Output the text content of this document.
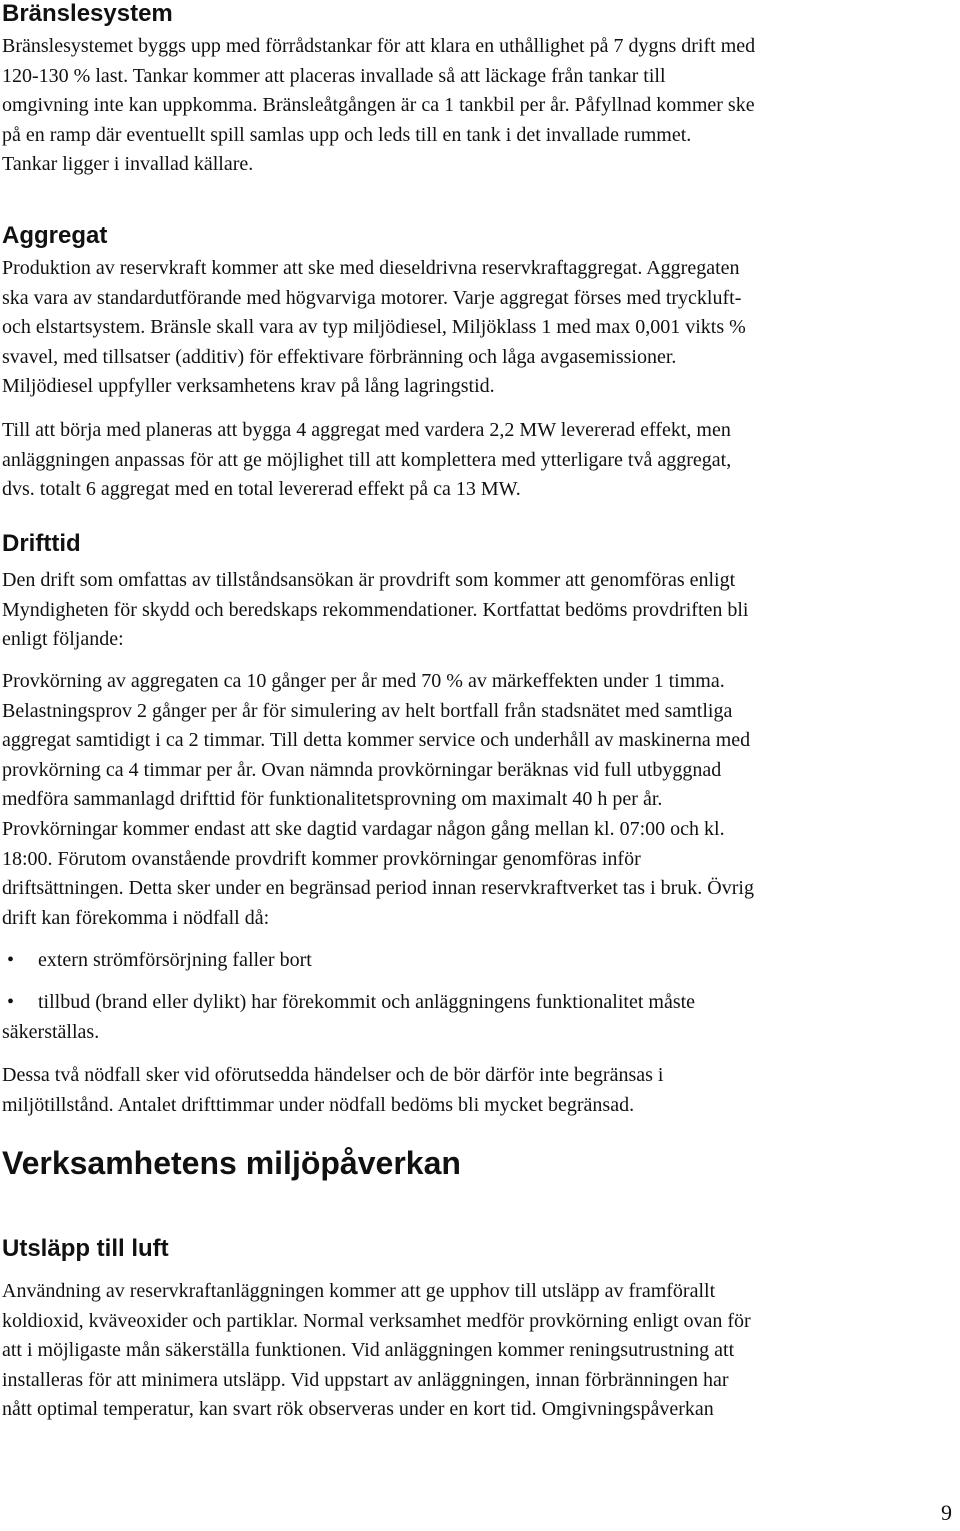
Bränslesystem
Bränslesystemet byggs upp med förrådstankar för att klara en uthållighet på 7 dygns drift med
120-130 % last. Tankar kommer att placeras invallade så att läckage från tankar till
omgivning inte kan uppkomma. Bränsleåtgången är ca 1 tankbil per år. Påfyllnad kommer ske
på en ramp där eventuellt spill samlas upp och leds till en tank i det invallade rummet.
Tankar ligger i invallad källare.
Aggregat
Produktion av reservkraft kommer att ske med dieseldrivna reservkraftaggregat. Aggregaten
ska vara av standardutförande med högvarviga motorer. Varje aggregat förses med tryckluft-
och elstartsystem. Bränsle skall vara av typ miljödiesel, Miljöklass 1 med max 0,001 vikts %
svavel, med tillsatser (additiv) för effektivare förbränning och låga avgasemissioner.
Miljödiesel uppfyller verksamhetens krav på lång lagringstid.
Till att börja med planeras att bygga 4 aggregat med vardera 2,2 MW levererad effekt, men
anläggningen anpassas för att ge möjlighet till att komplettera med ytterligare två aggregat,
dvs. totalt 6 aggregat med en total levererad effekt på ca 13 MW.
Drifttid
Den drift som omfattas av tillståndsansökan är provdrift som kommer att genomföras enligt
Myndigheten för skydd och beredskaps rekommendationer. Kortfattat bedöms provdriften bli
enligt följande:
Provkörning av aggregaten ca 10 gånger per år med 70 % av märkeffekten under 1 timma.
Belastningsprov 2 gånger per år för simulering av helt bortfall från stadsnätet med samtliga
aggregat samtidigt i ca 2 timmar. Till detta kommer service och underhåll av maskinerna med
provkörning ca 4 timmar per år. Ovan nämnda provkörningar beräknas vid full utbyggnad
medföra sammanlagd drifttid för funktionalitetsprovning om maximalt 40 h per år.
Provkörningar kommer endast att ske dagtid vardagar någon gång mellan kl. 07:00 och kl.
18:00. Förutom ovanstående provdrift kommer provkörningar genomföras inför
driftsättningen. Detta sker under en begränsad period innan reservkraftverket tas i bruk. Övrig
drift kan förekomma i nödfall då:
•	extern strömförsörjning faller bort
•	tillbud (brand eller dylikt) har förekommit och anläggningens funktionalitet måste
säkerställas.
Dessa två nödfall sker vid oförutsedda händelser och de bör därför inte begränsas i
miljötillstånd. Antalet drifttimmar under nödfall bedöms bli mycket begränsad.
Verksamhetens miljöpåverkan
Utsläpp till luft
Användning av reservkraftanläggningen kommer att ge upphov till utsläpp av framförallt
koldioxid, kväveoxider och partiklar. Normal verksamhet medför provkörning enligt ovan för
att i möjligaste mån säkerställa funktionen. Vid anläggningen kommer reningsutrustning att
installeras för att minimera utsläpp. Vid uppstart av anläggningen, innan förbränningen har
nått optimal temperatur, kan svart rök observeras under en kort tid. Omgivningspåverkan
9
